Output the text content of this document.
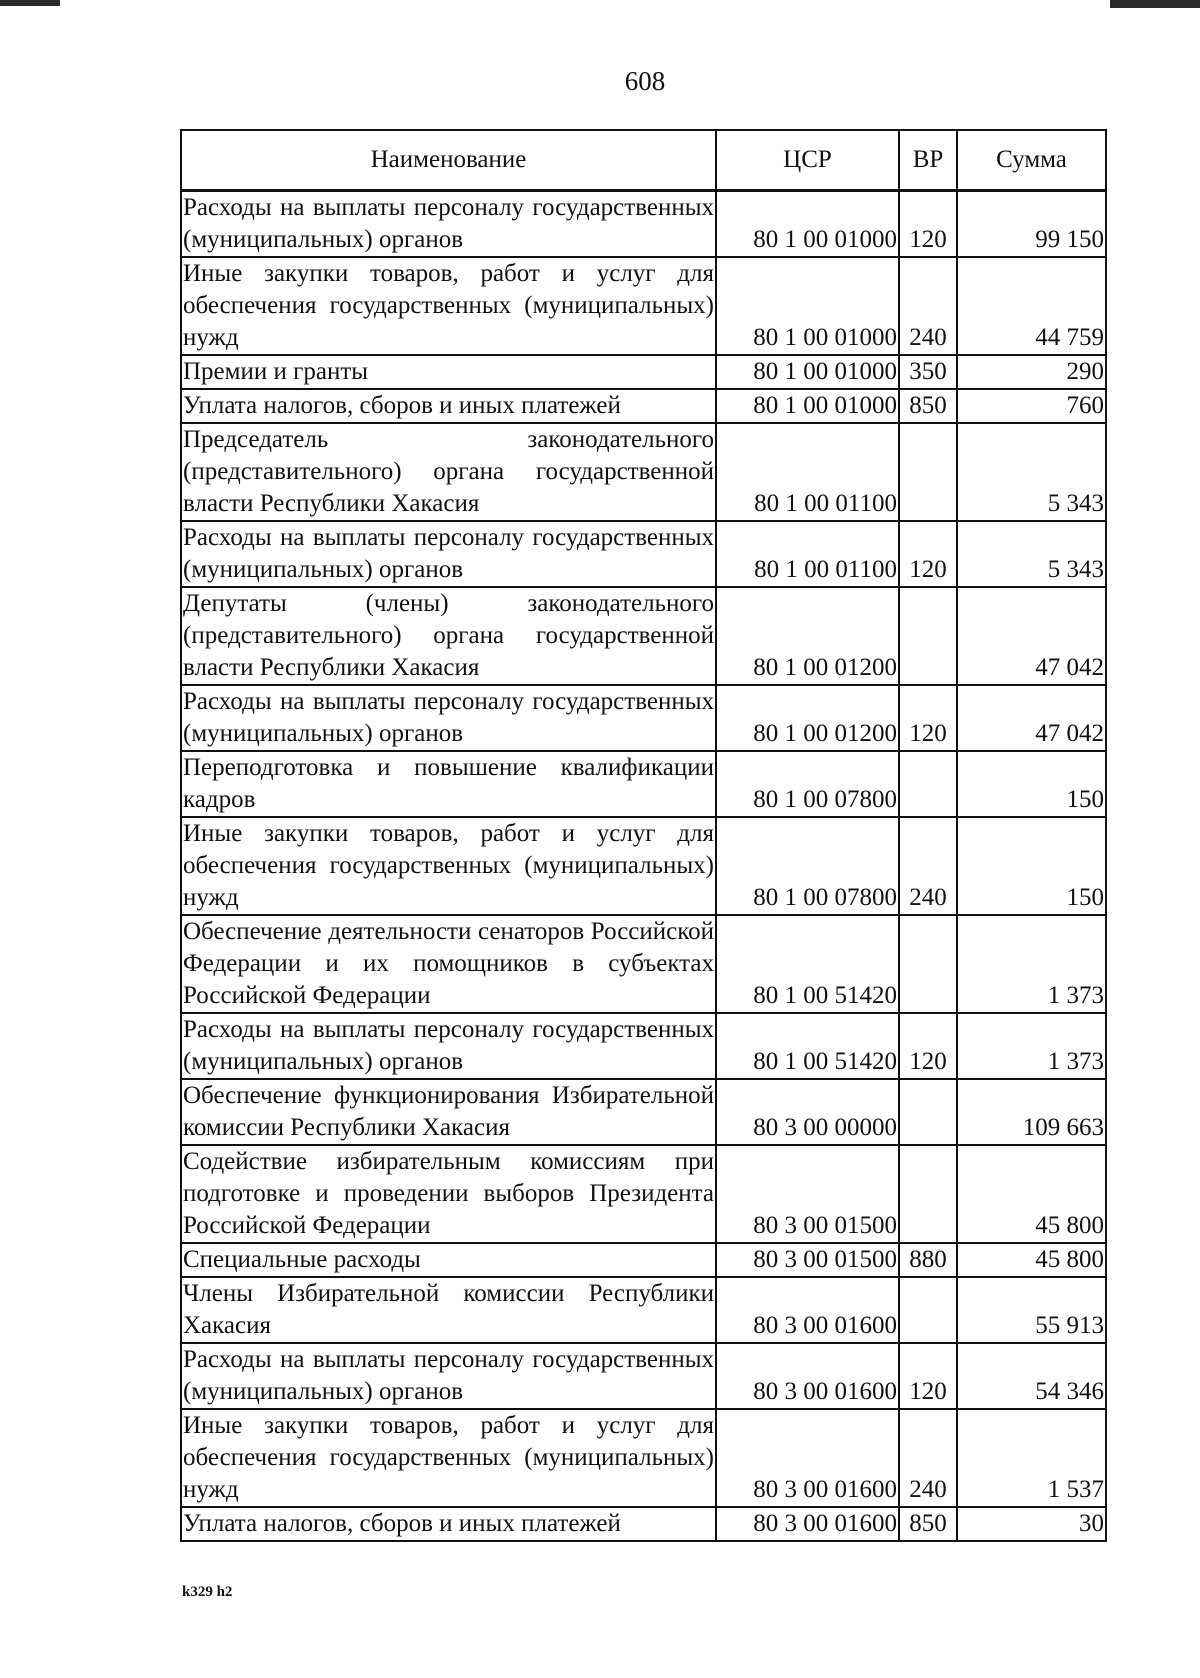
608
Наименование	ЦСР	ВР	Сумма
Расходы на выплаты персоналу государственных (муниципальных) органов	80 1 00 01000	120	99 150
Иные закупки товаров, работ и услуг для обеспечения государственных (муниципальных) нужд	80 1 00 01000	240	44 759
Премии и гранты	80 1 00 01000	350	290
Уплата налогов, сборов и иных платежей	80 1 00 01000	850	760
Председатель законодательного (представительного) органа государственной власти Республики Хакасия	80 1 00 01100		5 343
Расходы на выплаты персоналу государственных (муниципальных) органов	80 1 00 01100	120	5 343
Депутаты (члены) законодательного (представительного) органа государственной власти Республики Хакасия	80 1 00 01200		47 042
Расходы на выплаты персоналу государственных (муниципальных) органов	80 1 00 01200	120	47 042
Переподготовка и повышение квалификации кадров	80 1 00 07800		150
Иные закупки товаров, работ и услуг для обеспечения государственных (муниципальных) нужд	80 1 00 07800	240	150
Обеспечение деятельности сенаторов Российской Федерации и их помощников в субъектах Российской Федерации	80 1 00 51420		1 373
Расходы на выплаты персоналу государственных (муниципальных) органов	80 1 00 51420	120	1 373
Обеспечение функционирования Избирательной комиссии Республики Хакасия	80 3 00 00000		109 663
Содействие избирательным комиссиям при подготовке и проведении выборов Президента Российской Федерации	80 3 00 01500		45 800
Специальные расходы	80 3 00 01500	880	45 800
Члены Избирательной комиссии Республики Хакасия	80 3 00 01600		55 913
Расходы на выплаты персоналу государственных (муниципальных) органов	80 3 00 01600	120	54 346
Иные закупки товаров, работ и услуг для обеспечения государственных (муниципальных) нужд	80 3 00 01600	240	1 537
Уплата налогов, сборов и иных платежей	80 3 00 01600	850	30
k329 h2
